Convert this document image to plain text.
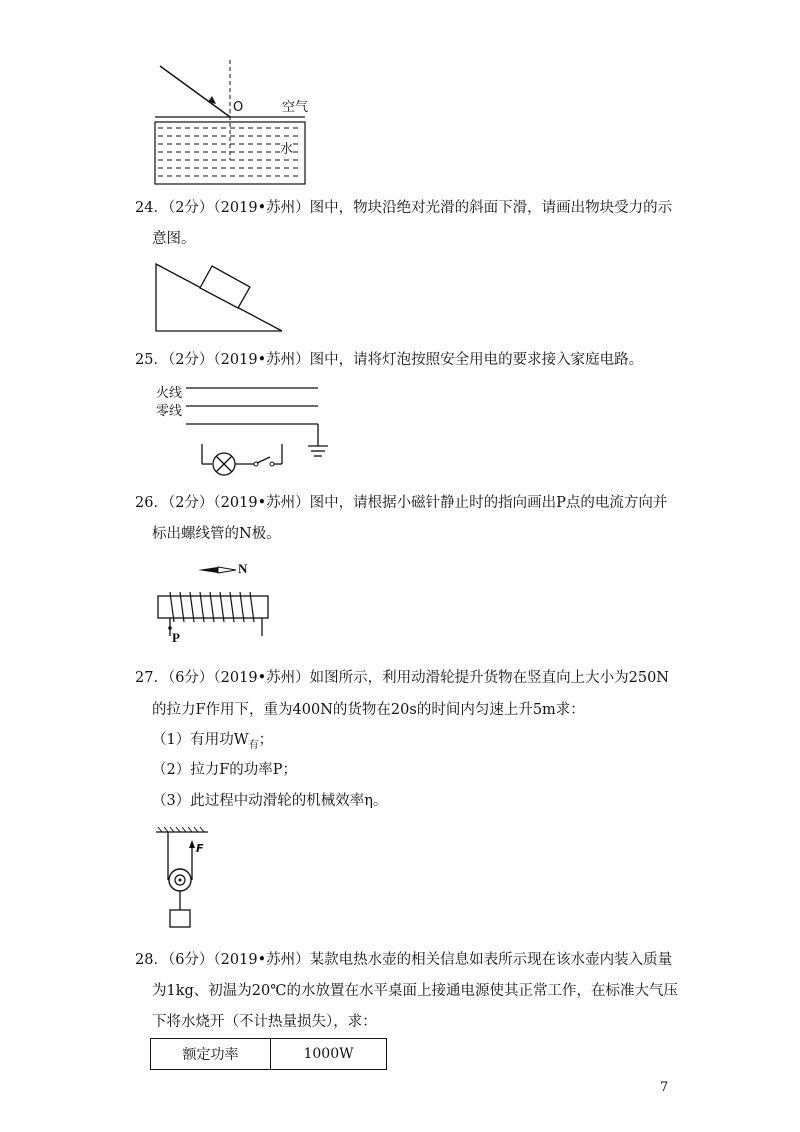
O	空气
水
24．（2分）（2019•苏州）图中，物块沿绝对光滑的斜面下滑，请画出物块受力的示
意图。
25．（2分）（2019•苏州）图中，请将灯泡按照安全用电的要求接入家庭电路。
火线
零线
26．（2分）（2019•苏州）图中，请根据小磁针静止时的指向画出P点的电流方向并
标出螺线管的N极。
N
P
27．（6分）（2019•苏州）如图所示，利用动滑轮提升货物在竖直向上大小为250N
的拉力F作用下，重为400N的货物在20s的时间内匀速上升5m求：
（1）有用功$W_有$；
（2）拉力F的功率P；
（3）此过程中动滑轮的机械效率η。
F
28．（6分）（2019•苏州）某款电热水壶的相关信息如表所示现在该水壶内装入质量
为1kg、初温为20℃的水放置在水平桌面上接通电源使其正常工作，在标准大气压
下将水烧开（不计热量损失），求：
额定功率	1000W
7
